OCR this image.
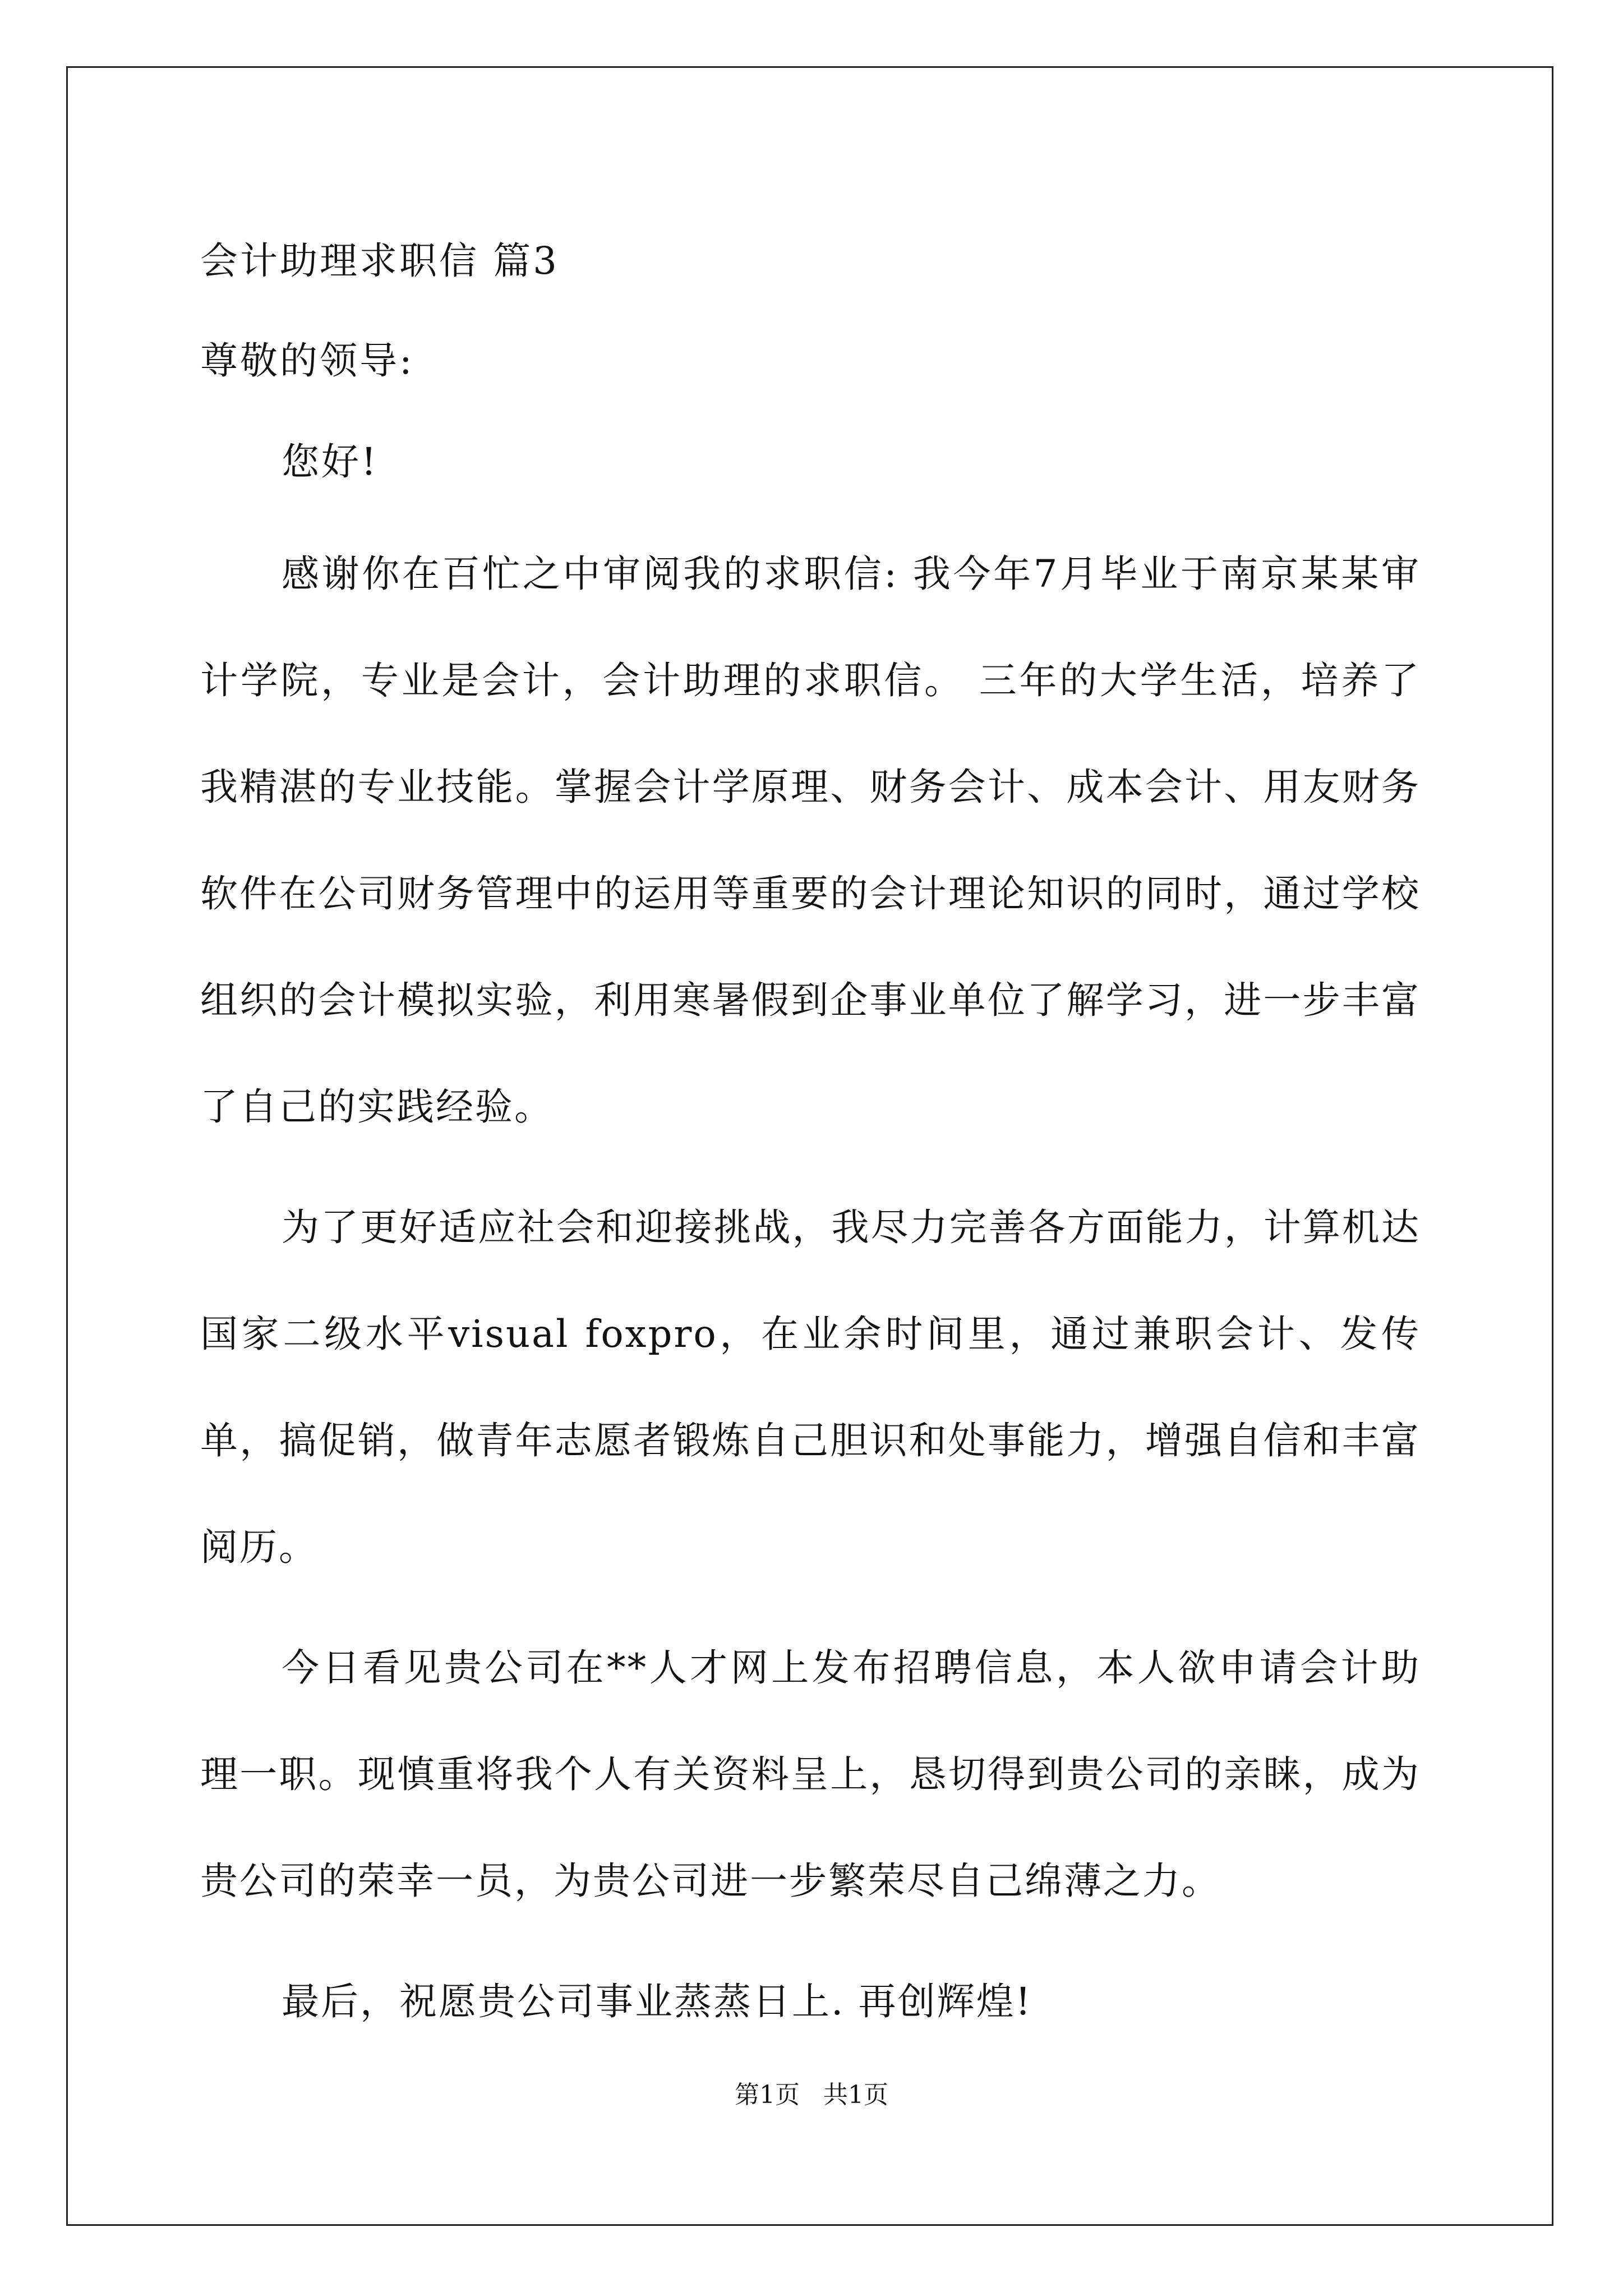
会计助理求职信 篇3

尊敬的领导:

您好!

感谢你在百忙之中审阅我的求职信: 我今年7月毕业于南京某某审计学院，专业是会计，会计助理的求职信。 三年的大学生活，培养了我精湛的专业技能。掌握会计学原理、财务会计、成本会计、用友财务软件在公司财务管理中的运用等重要的会计理论知识的同时，通过学校组织的会计模拟实验，利用寒暑假到企事业单位了解学习，进一步丰富了自己的实践经验。

为了更好适应社会和迎接挑战，我尽力完善各方面能力，计算机达国家二级水平visual foxpro，在业余时间里，通过兼职会计、发传单，搞促销，做青年志愿者锻炼自己胆识和处事能力，增强自信和丰富阅历。

今日看见贵公司在**人才网上发布招聘信息，本人欲申请会计助理一职。现慎重将我个人有关资料呈上，恳切得到贵公司的亲睐，成为贵公司的荣幸一员，为贵公司进一步繁荣尽自己绵薄之力。

最后，祝愿贵公司事业蒸蒸日上. 再创辉煌!

第1页   共1页
